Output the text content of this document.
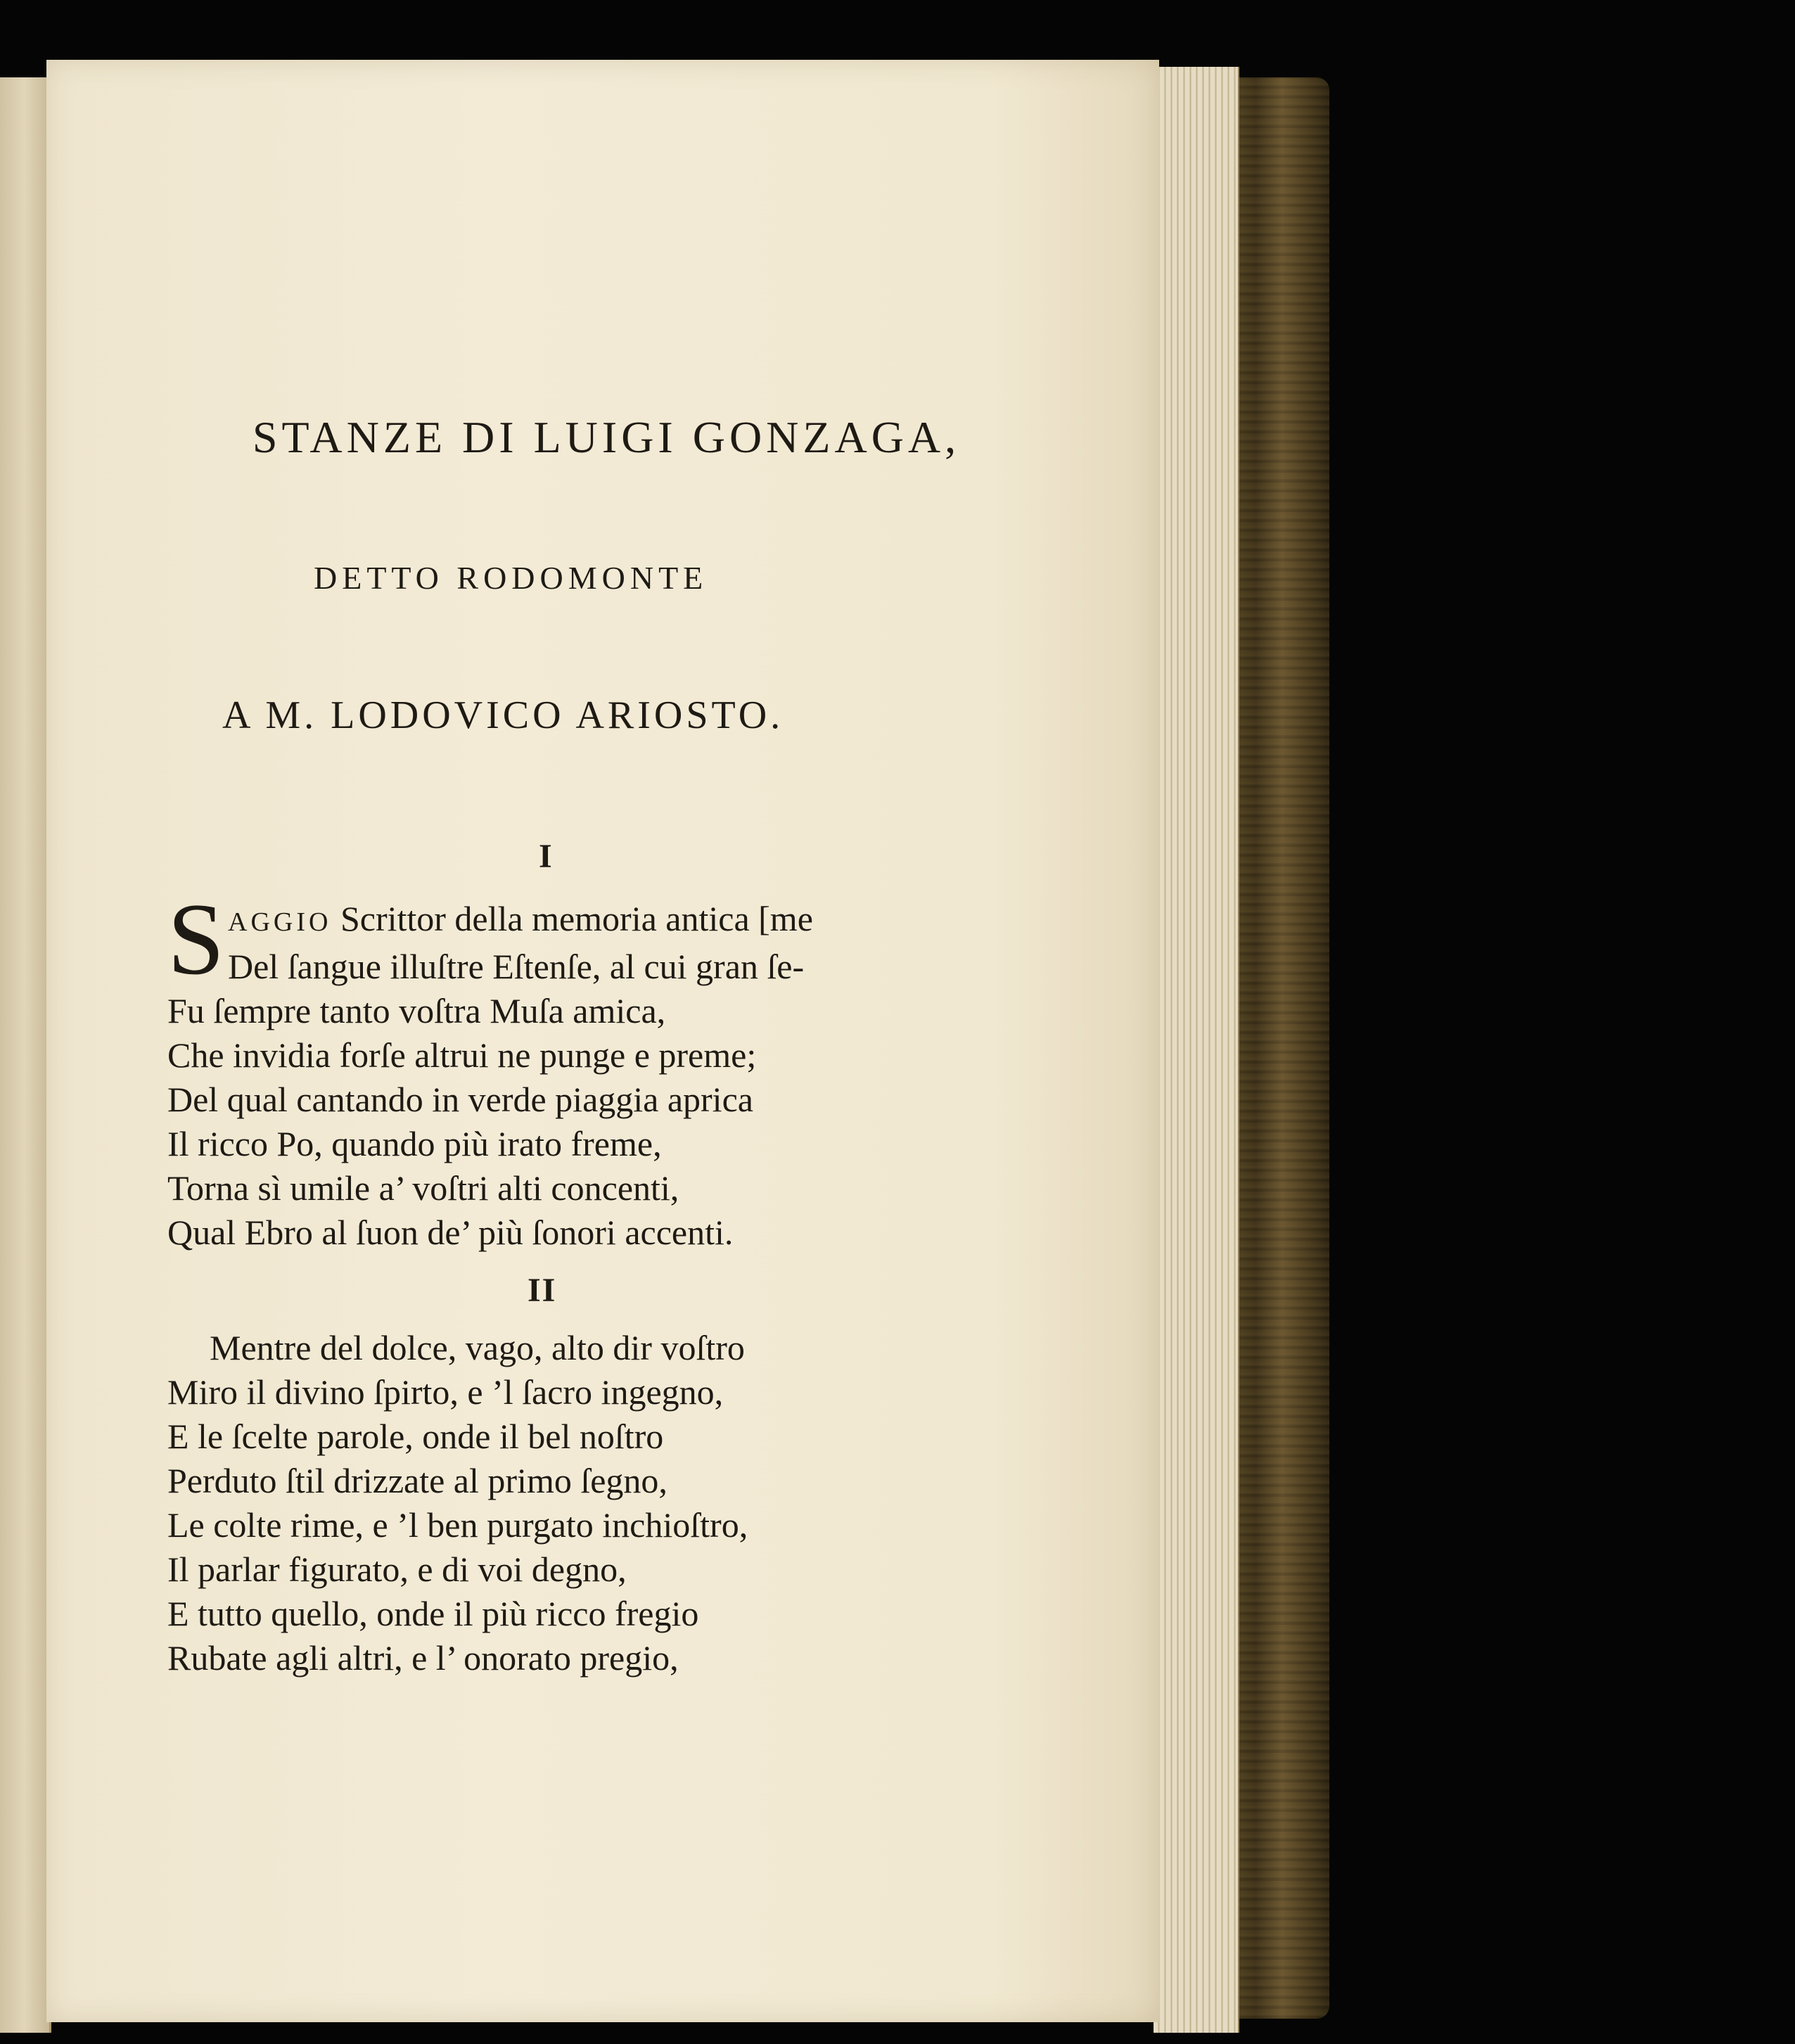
STANZE DI LUIGI GONZAGA,
DETTO RODOMONTE
A M. LODOVICO ARIOSTO.
I
S AGGIO Scrittor della memoria antica [me
Del ſangue illuſtre Eſtenſe, al cui gran ſe-
Fu ſempre tanto voſtra Muſa amica,
Che invidia forſe altrui ne punge e preme;
Del qual cantando in verde piaggia aprica
Il ricco Po, quando più irato freme,
Torna sì umile a’ voſtri alti concenti,
Qual Ebro al ſuon de’ più ſonori accenti.
II
Mentre del dolce, vago, alto dir voſtro
Miro il divino ſpirto, e ’l ſacro ingegno,
E le ſcelte parole, onde il bel noſtro
Perduto ſtil drizzate al primo ſegno,
Le colte rime, e ’l ben purgato inchioſtro,
Il parlar figurato, e di voi degno,
E tutto quello, onde il più ricco fregio
Rubate agli altri, e l’ onorato pregio,
